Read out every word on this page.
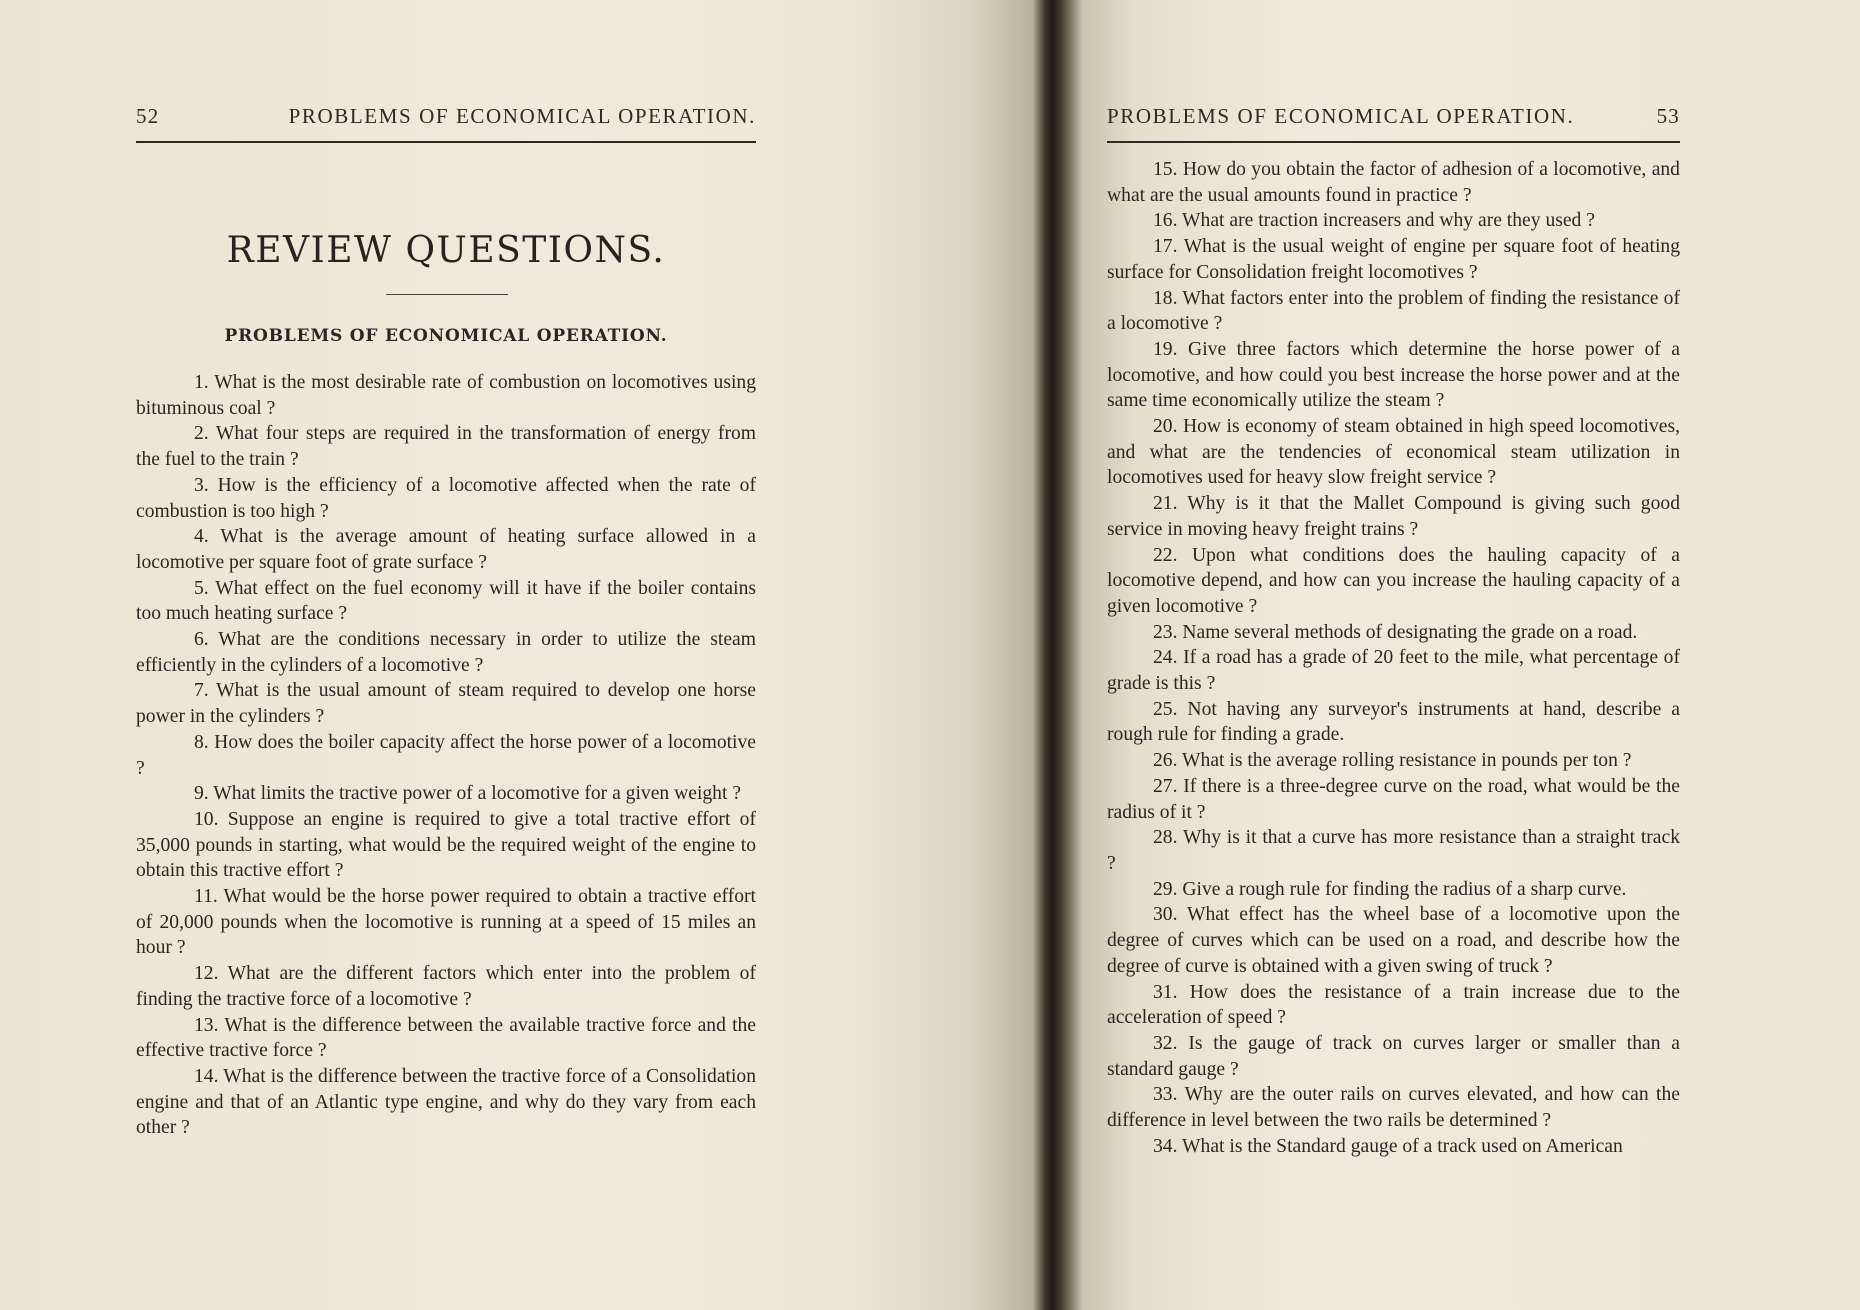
52	PROBLEMS OF ECONOMICAL OPERATION.
REVIEW QUESTIONS.
PROBLEMS OF ECONOMICAL OPERATION.

1. What is the most desirable rate of combustion on locomotives using bituminous coal ?

2. What four steps are required in the transformation of energy from the fuel to the train ?

3. How is the efficiency of a locomotive affected when the rate of combustion is too high ?

4. What is the average amount of heating surface allowed in a locomotive per square foot of grate surface ?

5. What effect on the fuel economy will it have if the boiler contains too much heating surface ?

6. What are the conditions necessary in order to utilize the steam efficiently in the cylinders of a locomotive ?

7. What is the usual amount of steam required to develop one horse power in the cylinders ?

8. How does the boiler capacity affect the horse power of a locomotive ?

9. What limits the tractive power of a locomotive for a given weight ?

10. Suppose an engine is required to give a total tractive effort of 35,000 pounds in starting, what would be the required weight of the engine to obtain this tractive effort ?

11. What would be the horse power required to obtain a tractive effort of 20,000 pounds when the locomotive is running at a speed of 15 miles an hour ?

12. What are the different factors which enter into the problem of finding the tractive force of a locomotive ?

13. What is the difference between the available tractive force and the effective tractive force ?

14. What is the difference between the tractive force of a Consolidation engine and that of an Atlantic type engine, and why do they vary from each other ?

PROBLEMS OF ECONOMICAL OPERATION.	53

15. How do you obtain the factor of adhesion of a locomotive, and what are the usual amounts found in practice ?

16. What are traction increasers and why are they used ?

17. What is the usual weight of engine per square foot of heating surface for Consolidation freight locomotives ?

18. What factors enter into the problem of finding the resistance of a locomotive ?

19. Give three factors which determine the horse power of a locomotive, and how could you best increase the horse power and at the same time economically utilize the steam ?

20. How is economy of steam obtained in high speed locomotives, and what are the tendencies of economical steam utilization in locomotives used for heavy slow freight service ?

21. Why is it that the Mallet Compound is giving such good service in moving heavy freight trains ?

22. Upon what conditions does the hauling capacity of a locomotive depend, and how can you increase the hauling capacity of a given locomotive ?

23. Name several methods of designating the grade on a road.

24. If a road has a grade of 20 feet to the mile, what percentage of grade is this ?

25. Not having any surveyor's instruments at hand, describe a rough rule for finding a grade.

26. What is the average rolling resistance in pounds per ton ?

27. If there is a three-degree curve on the road, what would be the radius of it ?

28. Why is it that a curve has more resistance than a straight track ?

29. Give a rough rule for finding the radius of a sharp curve.

30. What effect has the wheel base of a locomotive upon the degree of curves which can be used on a road, and describe how the degree of curve is obtained with a given swing of truck ?

31. How does the resistance of a train increase due to the acceleration of speed ?

32. Is the gauge of track on curves larger or smaller than a standard gauge ?

33. Why are the outer rails on curves elevated, and how can the difference in level between the two rails be determined ?

34. What is the Standard gauge of a track used on American
